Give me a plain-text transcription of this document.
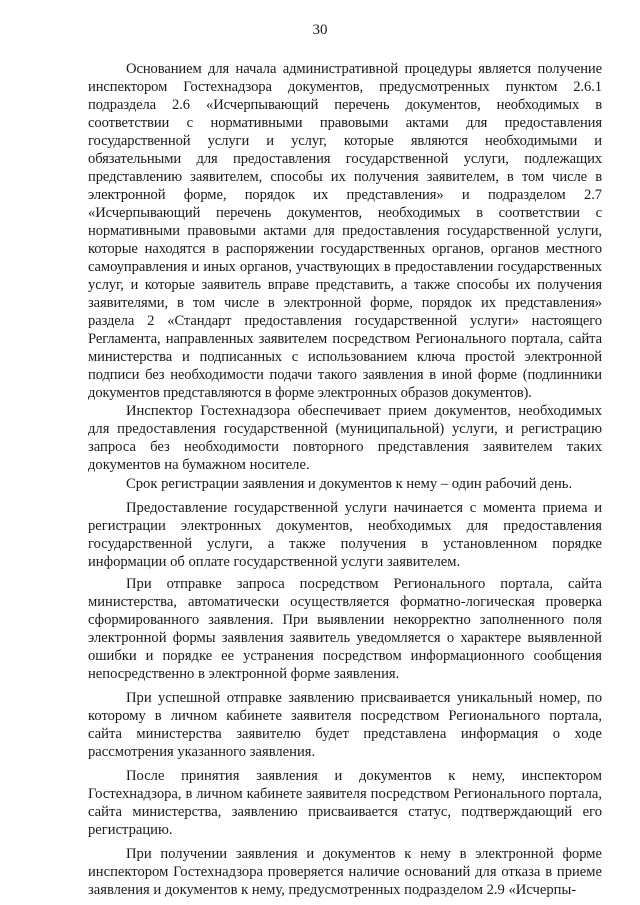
30

Основанием для начала административной процедуры является получение инспектором Гостехнадзора документов, предусмотренных пунктом 2.6.1 подраздела 2.6 «Исчерпывающий перечень документов, необходимых в соответствии с нормативными правовыми актами для предоставления государственной услуги и услуг, которые являются необходимыми и обязательными для предоставления государственной услуги, подлежащих представлению заявителем, способы их получения заявителем, в том числе в электронной форме, порядок их представления» и подразделом 2.7 «Исчерпывающий перечень документов, необходимых в соответствии с нормативными правовыми актами для предоставления государственной услуги, которые находятся в распоряжении государственных органов, органов местного самоуправления и иных органов, участвующих в предоставлении государственных услуг, и которые заявитель вправе представить, а также способы их получения заявителями, в том числе в электронной форме, порядок их представления» раздела 2 «Стандарт предоставления государственной услуги» настоящего Регламента, направленных заявителем посредством Регионального портала, сайта министерства и подписанных с использованием ключа простой электронной подписи без необходимости подачи такого заявления в иной форме (подлинники документов представляются в форме электронных образов документов).

Инспектор Гостехнадзора обеспечивает прием документов, необходимых для предоставления государственной (муниципальной) услуги, и регистрацию запроса без необходимости повторного представления заявителем таких документов на бумажном носителе.

Срок регистрации заявления и документов к нему – один рабочий день.

Предоставление государственной услуги начинается с момента приема и регистрации электронных документов, необходимых для предоставления государственной услуги, а также получения в установленном порядке информации об оплате государственной услуги заявителем.

При отправке запроса посредством Регионального портала, сайта министерства, автоматически осуществляется форматно-логическая проверка сформированного заявления. При выявлении некорректно заполненного поля электронной формы заявления заявитель уведомляется о характере выявленной ошибки и порядке ее устранения посредством информационного сообщения непосредственно в электронной форме заявления.

При успешной отправке заявлению присваивается уникальный номер, по которому в личном кабинете заявителя посредством Регионального портала, сайта министерства заявителю будет представлена информация о ходе рассмотрения указанного заявления.

После принятия заявления и документов к нему, инспектором Гостехнадзора, в личном кабинете заявителя посредством Регионального портала, сайта министерства, заявлению присваивается статус, подтверждающий его регистрацию.

При получении заявления и документов к нему в электронной форме инспектором Гостехнадзора проверяется наличие оснований для отказа в приеме заявления и документов к нему, предусмотренных подразделом 2.9 «Исчерпы-
